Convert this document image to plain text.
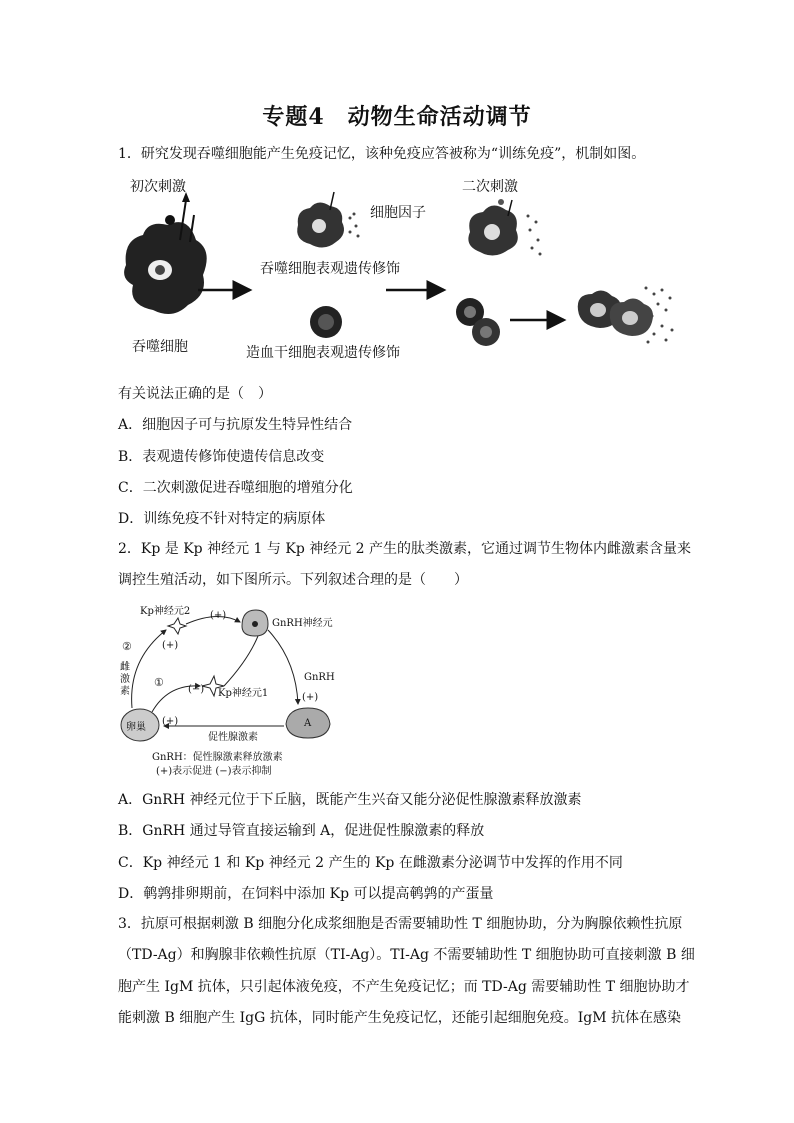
专题4　动物生命活动调节
1．研究发现吞噬细胞能产生免疫记忆，该种免疫应答被称为“训练免疫”，机制如图。
初次刺激	二次刺激
细胞因子
吞噬细胞表观遗传修饰
吞噬细胞	造血干细胞表观遗传修饰
有关说法正确的是（　）
A．细胞因子可与抗原发生特异性结合
B．表观遗传修饰使遗传信息改变
C．二次刺激促进吞噬细胞的增殖分化
D．训练免疫不针对特定的病原体
2．Kp 是 Kp 神经元 1 与 Kp 神经元 2 产生的肽类激素，它通过调节生物体内雌激素含量来
调控生殖活动，如下图所示。下列叙述合理的是（　　）
Kp神经元2 (+)
GnRH神经元
②	(+)
雌激素
①
(−) Kp神经元1
GnRH
(+)
卵巢
(+)	A
促性腺激素
GnRH：促性腺激素释放激素
(+)表示促进 (−)表示抑制
A．GnRH 神经元位于下丘脑，既能产生兴奋又能分泌促性腺激素释放激素
B．GnRH 通过导管直接运输到 A，促进促性腺激素的释放
C．Kp 神经元 1 和 Kp 神经元 2 产生的 Kp 在雌激素分泌调节中发挥的作用不同
D．鹌鹑排卵期前，在饲料中添加 Kp 可以提高鹌鹑的产蛋量
3．抗原可根据刺激 B 细胞分化成浆细胞是否需要辅助性 T 细胞协助，分为胸腺依赖性抗原
（TD-Ag）和胸腺非依赖性抗原（TI-Ag）。TI-Ag 不需要辅助性 T 细胞协助可直接刺激 B 细
胞产生 IgM 抗体，只引起体液免疫，不产生免疫记忆；而 TD-Ag 需要辅助性 T 细胞协助才
能刺激 B 细胞产生 IgG 抗体，同时能产生免疫记忆，还能引起细胞免疫。IgM 抗体在感染
